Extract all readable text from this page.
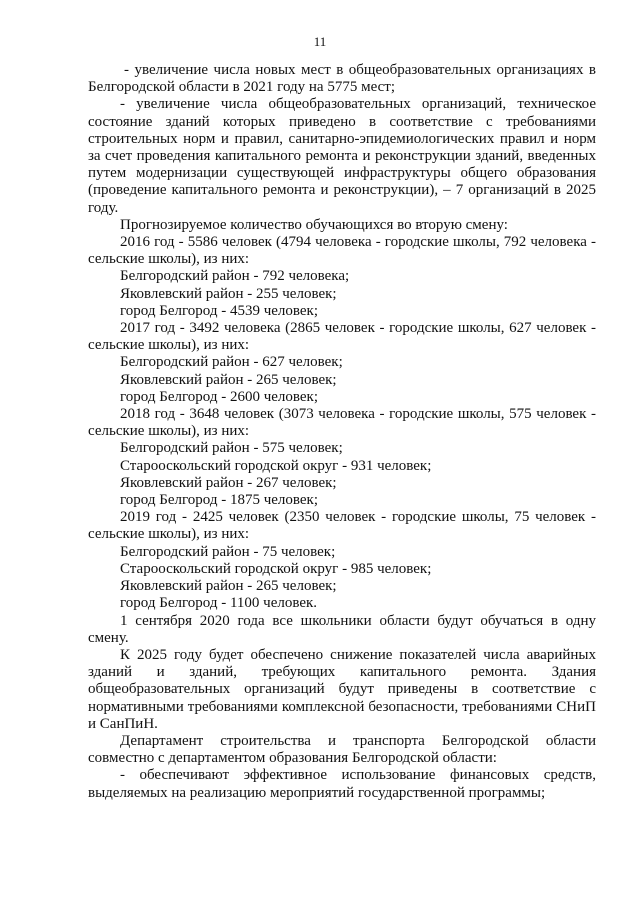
11

- увеличение числа новых мест в общеобразовательных организациях в Белгородской области в 2021 году на 5775 мест;

- увеличение числа общеобразовательных организаций, техническое состояние зданий которых приведено в соответствие с требованиями строительных норм и правил, санитарно-эпидемиологических правил и норм за счет проведения капитального ремонта и реконструкции зданий, введенных путем модернизации существующей инфраструктуры общего образования (проведение капитального ремонта и реконструкции), – 7 организаций в 2025 году.

Прогнозируемое количество обучающихся во вторую смену:

2016 год - 5586 человек (4794 человека - городские школы, 792 человека - сельские школы), из них:

Белгородский район - 792 человека;

Яковлевский район - 255 человек;

город Белгород - 4539 человек;

2017 год - 3492 человека (2865 человек - городские школы, 627 человек - сельские школы), из них:

Белгородский район - 627 человек;

Яковлевский район - 265 человек;

город Белгород - 2600 человек;

2018 год - 3648 человек (3073 человека - городские школы, 575 человек - сельские школы), из них:

Белгородский район - 575 человек;

Старооскольский городской округ - 931 человек;

Яковлевский район - 267 человек;

город Белгород - 1875 человек;

2019 год - 2425 человек (2350 человек - городские школы, 75 человек - сельские школы), из них:

Белгородский район - 75 человек;

Старооскольский городской округ - 985 человек;

Яковлевский район - 265 человек;

город Белгород - 1100 человек.

1 сентября 2020 года все школьники области будут обучаться в одну смену.

К 2025 году будет обеспечено снижение показателей числа аварийных зданий и зданий, требующих капитального ремонта. Здания общеобразовательных организаций будут приведены в соответствие с нормативными требованиями комплексной безопасности, требованиями СНиП и СанПиН.

Департамент строительства и транспорта Белгородской области совместно с департаментом образования Белгородской области:

- обеспечивают эффективное использование финансовых средств, выделяемых на реализацию мероприятий государственной программы;
